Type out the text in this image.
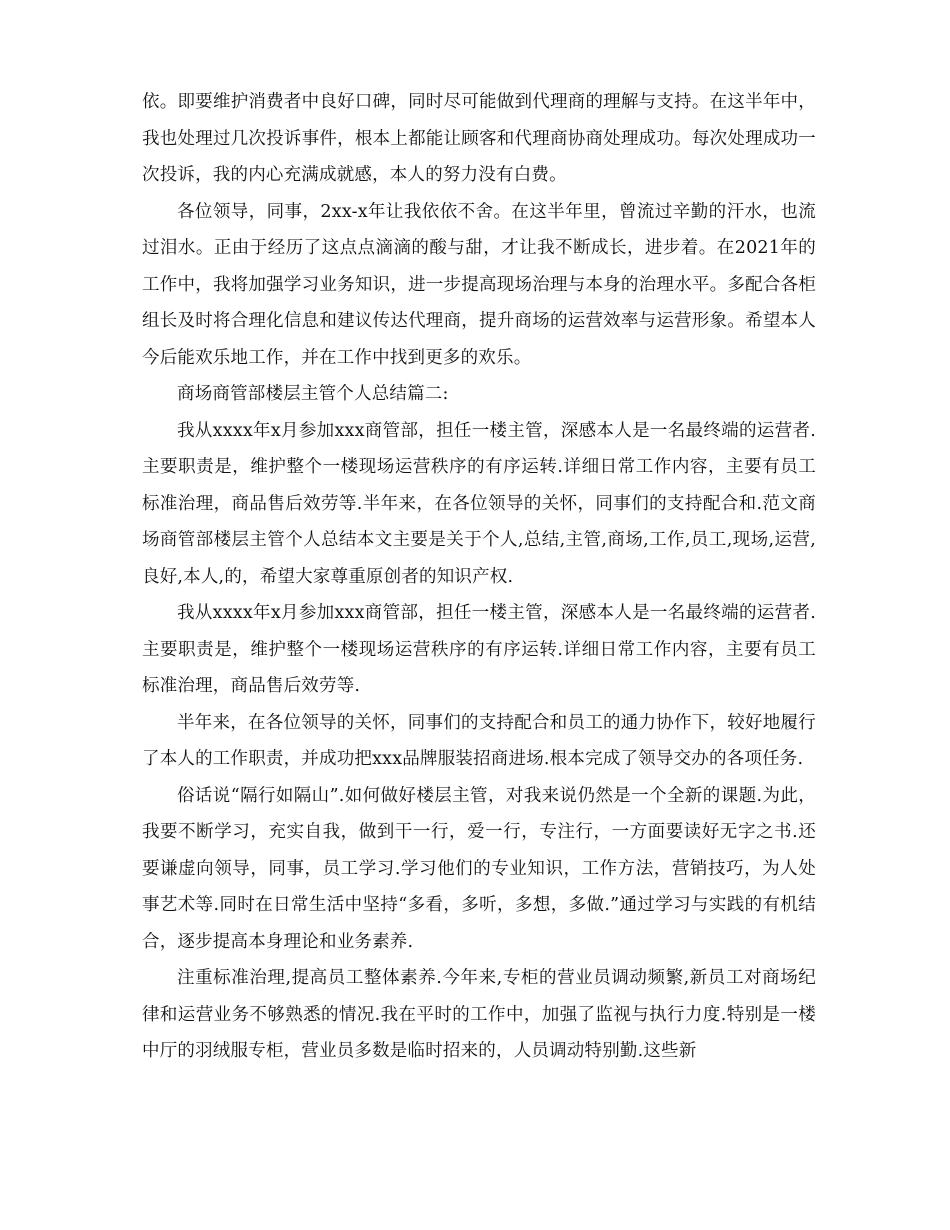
依。即要维护消费者中良好口碑，同时尽可能做到代理商的理解与支持。在这半年中，我也处理过几次投诉事件，根本上都能让顾客和代理商协商处理成功。每次处理成功一次投诉，我的内心充满成就感，本人的努力没有白费。

各位领导，同事，2xx-x年让我依依不舍。在这半年里，曾流过辛勤的汗水，也流过泪水。正由于经历了这点点滴滴的酸与甜，才让我不断成长，进步着。在2021年的工作中，我将加强学习业务知识，进一步提高现场治理与本身的治理水平。多配合各柜组长及时将合理化信息和建议传达代理商，提升商场的运营效率与运营形象。希望本人今后能欢乐地工作，并在工作中找到更多的欢乐。

商场商管部楼层主管个人总结篇二:

我从xxxx年x月参加xxx商管部，担任一楼主管，深感本人是一名最终端的运营者.主要职责是，维护整个一楼现场运营秩序的有序运转.详细日常工作内容，主要有员工标准治理，商品售后效劳等.半年来，在各位领导的关怀，同事们的支持配合和.范文商场商管部楼层主管个人总结本文主要是关于个人,总结,主管,商场,工作,员工,现场,运营,良好,本人,的，希望大家尊重原创者的知识产权.

我从xxxx年x月参加xxx商管部，担任一楼主管，深感本人是一名最终端的运营者.主要职责是，维护整个一楼现场运营秩序的有序运转.详细日常工作内容，主要有员工标准治理，商品售后效劳等.

半年来，在各位领导的关怀，同事们的支持配合和员工的通力协作下，较好地履行了本人的工作职责，并成功把xxx品牌服装招商进场.根本完成了领导交办的各项任务.

俗话说“隔行如隔山”.如何做好楼层主管，对我来说仍然是一个全新的课题.为此，我要不断学习，充实自我，做到干一行，爱一行，专注行，一方面要读好无字之书.还要谦虚向领导，同事，员工学习.学习他们的专业知识，工作方法，营销技巧，为人处事艺术等.同时在日常生活中坚持“多看，多听，多想，多做.”通过学习与实践的有机结合，逐步提高本身理论和业务素养.

注重标准治理,提高员工整体素养.今年来,专柜的营业员调动频繁,新员工对商场纪律和运营业务不够熟悉的情况.我在平时的工作中，加强了监视与执行力度.特别是一楼中厅的羽绒服专柜，营业员多数是临时招来的，人员调动特别勤.这些新
